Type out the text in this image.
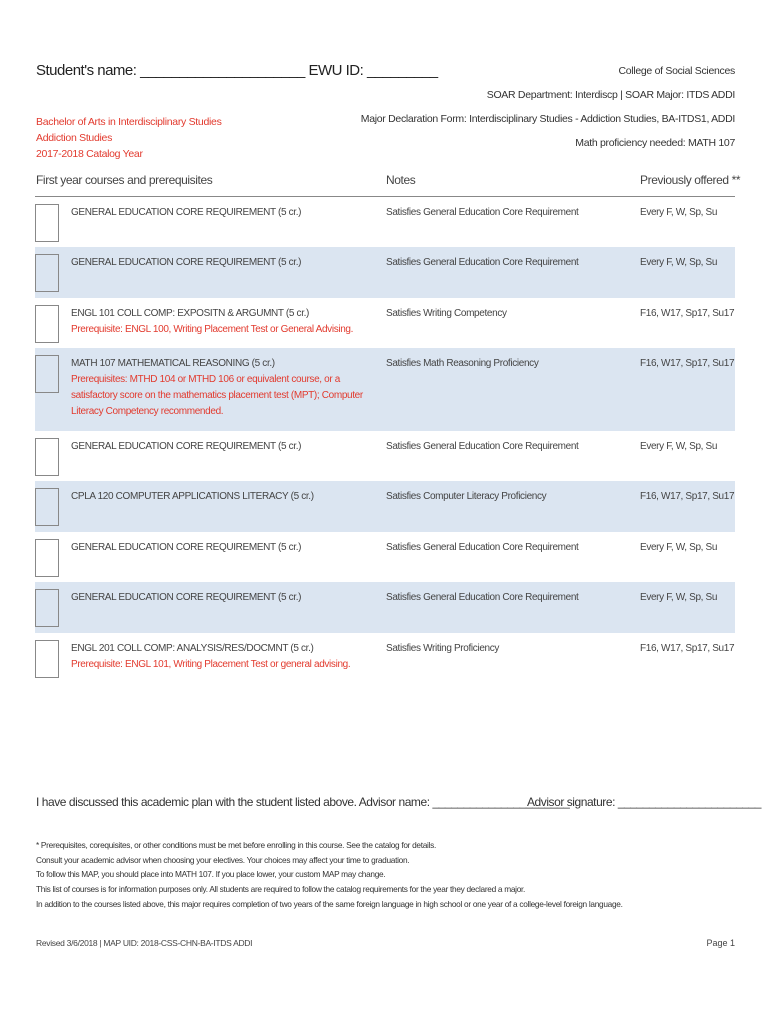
Student's name: _____________________ EWU ID: _________
Bachelor of Arts in Interdisciplinary Studies
Addiction Studies
2017-2018 Catalog Year
College of Social Sciences
SOAR Department: Interdiscp | SOAR Major: ITDS ADDI
Major Declaration Form: Interdisciplinary Studies - Addiction Studies, BA-ITDS1, ADDI
Math proficiency needed: MATH 107
First year courses and prerequisites	Notes	Previously offered **
GENERAL EDUCATION CORE REQUIREMENT (5 cr.)	Satisfies General Education Core Requirement	Every F, W, Sp, Su
GENERAL EDUCATION CORE REQUIREMENT (5 cr.)	Satisfies General Education Core Requirement	Every F, W, Sp, Su
ENGL 101 COLL COMP: EXPOSITN & ARGUMNT (5 cr.)
Prerequisite: ENGL 100, Writing Placement Test or General Advising.
Satisfies Writing Competency	F16, W17, Sp17, Su17
MATH 107 MATHEMATICAL REASONING (5 cr.)
Prerequisites: MTHD 104 or MTHD 106 or equivalent course, or a satisfactory score on the mathematics placement test (MPT); Computer Literacy Competency recommended.
Satisfies Math Reasoning Proficiency	F16, W17, Sp17, Su17
GENERAL EDUCATION CORE REQUIREMENT (5 cr.)	Satisfies General Education Core Requirement	Every F, W, Sp, Su
CPLA 120 COMPUTER APPLICATIONS LITERACY (5 cr.)	Satisfies Computer Literacy Proficiency	F16, W17, Sp17, Su17
GENERAL EDUCATION CORE REQUIREMENT (5 cr.)	Satisfies General Education Core Requirement	Every F, W, Sp, Su
GENERAL EDUCATION CORE REQUIREMENT (5 cr.)	Satisfies General Education Core Requirement	Every F, W, Sp, Su
ENGL 201 COLL COMP: ANALYSIS/RES/DOCMNT (5 cr.)
Prerequisite: ENGL 101, Writing Placement Test or general advising.
Satisfies Writing Proficiency	F16, W17, Sp17, Su17
I have discussed this academic plan with the student listed above. Advisor name: ______________________
Advisor signature: _______________________
* Prerequisites, corequisites, or other conditions must be met before enrolling in this course. See the catalog for details.
Consult your academic advisor when choosing your electives. Your choices may affect your time to graduation.
To follow this MAP, you should place into MATH 107. If you place lower, your custom MAP may change.
This list of courses is for information purposes only. All students are required to follow the catalog requirements for the year they declared a major.
In addition to the courses listed above, this major requires completion of two years of the same foreign language in high school or one year of a college-level foreign language.
Revised 3/6/2018 | MAP UID: 2018-CSS-CHN-BA-ITDS ADDI	Page 1
